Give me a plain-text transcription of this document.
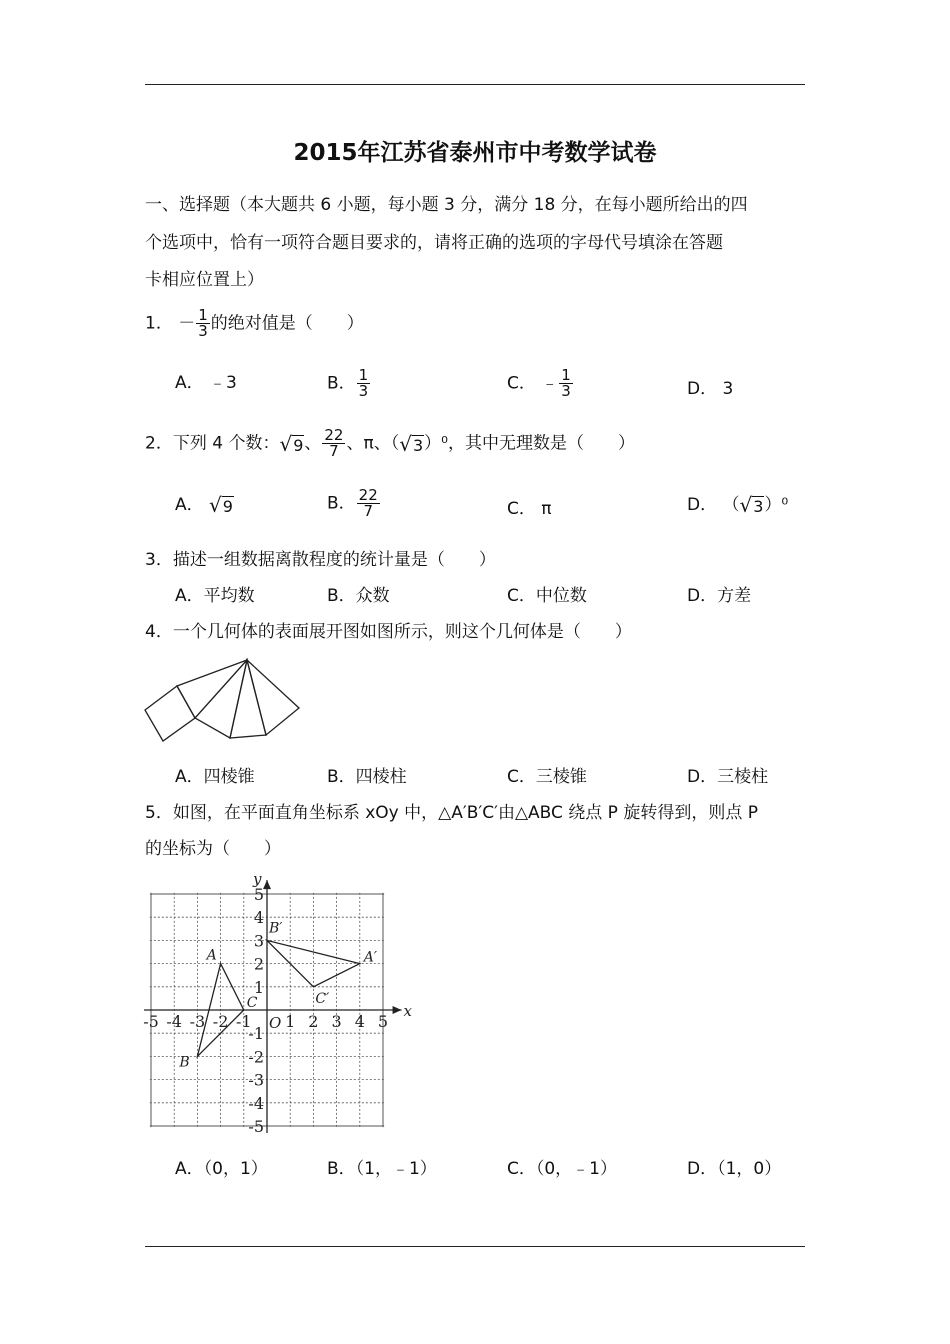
2015年江苏省泰州市中考数学试卷
一、选择题（本大题共 6 小题，每小题 3 分，满分 18 分，在每小题所给出的四
个选项中，恰有一项符合题目要求的，请将正确的选项的字母代号填涂在答题
卡相应位置上）
1． － $\frac{1}{3}$ 的绝对值是（　　）
A． ﹣3	B． $\frac{1}{3}$	C． ﹣ $\frac{1}{3}$	D． 3
2．下列 4 个数：√9、 $\frac{22}{7}$ 、π、（√3）⁰，其中无理数是（　　）
A． √9	B． $\frac{22}{7}$	C． π	D． （√3）⁰
3．描述一组数据离散程度的统计量是（　　）
A．平均数	B．众数	C．中位数	D．方差
4．一个几何体的表面展开图如图所示，则这个几何体是（　　）
A．四棱锥	B．四棱柱	C．三棱锥	D．三棱柱
5．如图，在平面直角坐标系 xOy 中，△A′B′C′由△ABC 绕点 P 旋转得到，则点 P
的坐标为（　　）
x
y
O
-5 -4 -3 -2 -1 1 2 3 4 5
5
4
3
2
1
-1
-2
-3
-4
-5
A
B
C
A′
B′
C′
A．（0，1）	B．（1，﹣1）	C．（0，﹣1）	D．（1，0）
